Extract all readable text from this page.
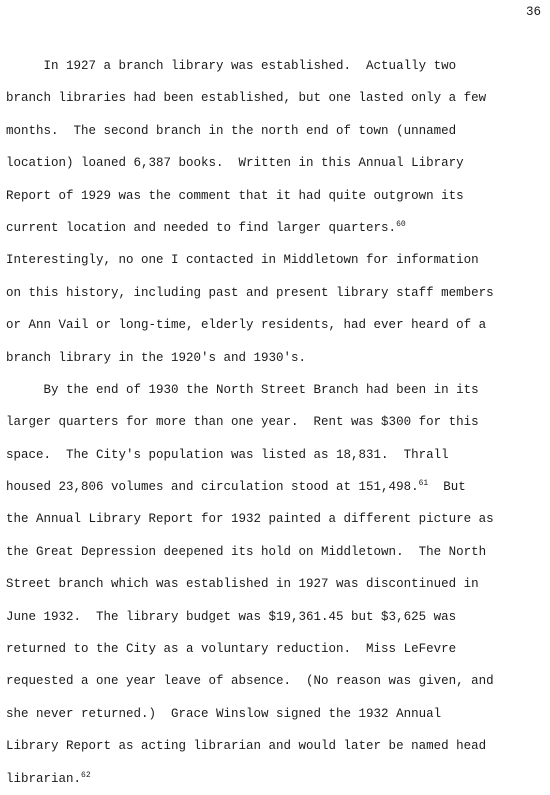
36
In 1927 a branch library was established.  Actually two
branch libraries had been established, but one lasted only a few
months.  The second branch in the north end of town (unnamed
location) loaned 6,387 books.  Written in this Annual Library
Report of 1929 was the comment that it had quite outgrown its
current location and needed to find larger quarters.$^{60}$
Interestingly, no one I contacted in Middletown for information
on this history, including past and present library staff members
or Ann Vail or long-time, elderly residents, had ever heard of a
branch library in the 1920's and 1930's.
By the end of 1930 the North Street Branch had been in its
larger quarters for more than one year.  Rent was $300 for this
space.  The City's population was listed as 18,831.  Thrall
housed 23,806 volumes and circulation stood at 151,498.61  But
the Annual Library Report for 1932 painted a different picture as
the Great Depression deepened its hold on Middletown.  The North
Street branch which was established in 1927 was discontinued in
June 1932.  The library budget was $19,361.45 but $3,625 was
returned to the City as a voluntary reduction.  Miss LeFevre
requested a one year leave of absence.  (No reason was given, and
she never returned.)  Grace Winslow signed the 1932 Annual
Library Report as acting librarian and would later be named head
librarian.$^{62}$
